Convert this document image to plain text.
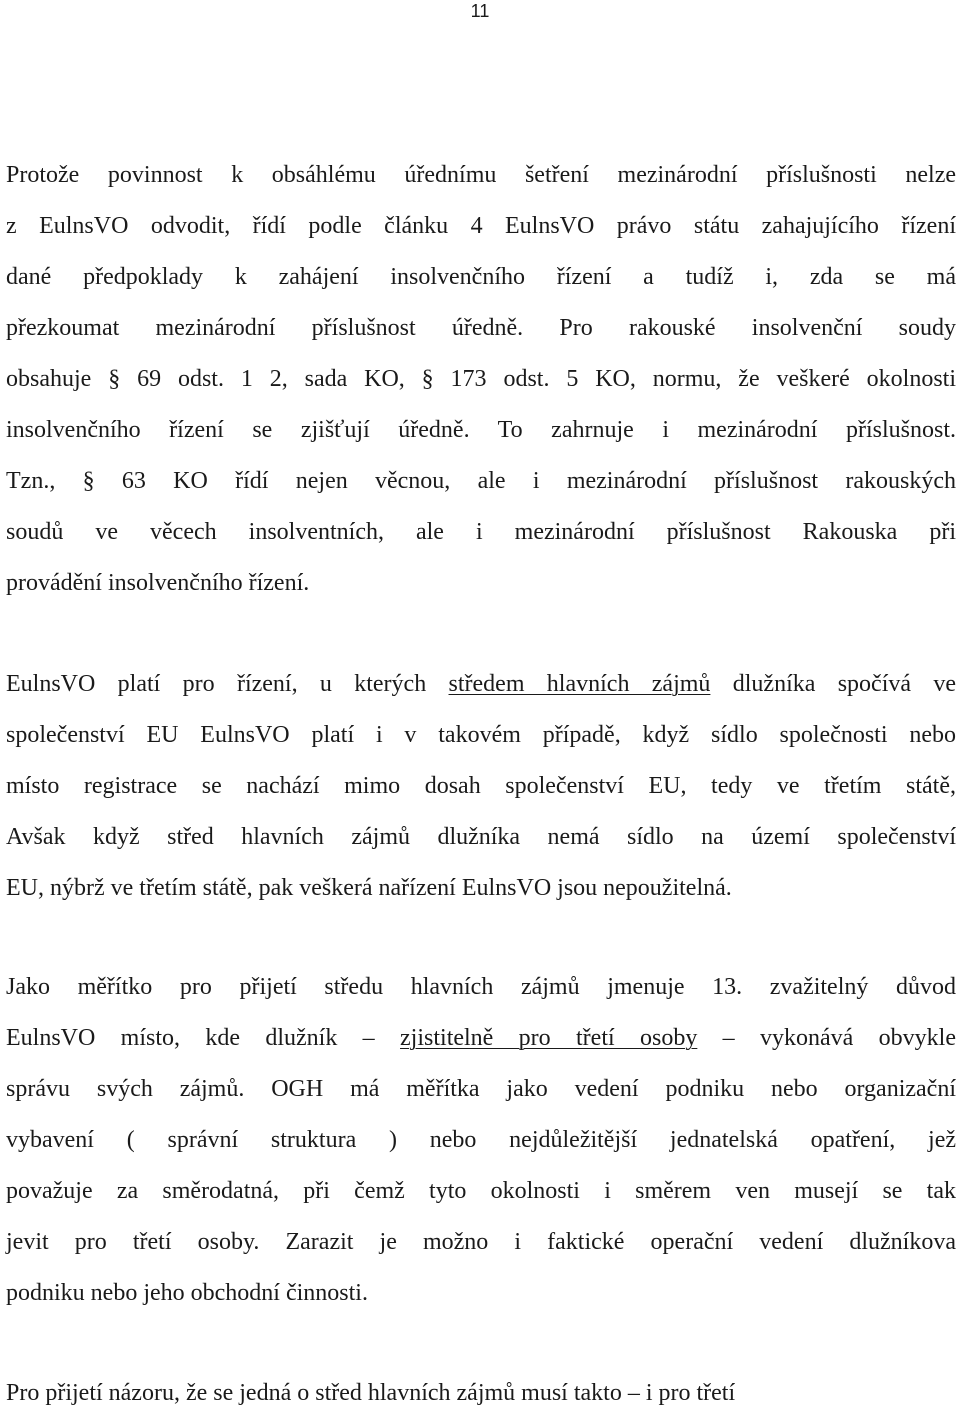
11
Protože povinnost k obsáhlému úřednímu šetření mezinárodní příslušnosti nelze
z EulnsVO odvodit, řídí podle článku 4 EulnsVO právo státu zahajujícího řízení
dané předpoklady k zahájení insolvenčního řízení a tudíž i, zda se má
přezkoumat mezinárodní příslušnost úředně. Pro rakouské insolvenční soudy
obsahuje § 69 odst. 1 2, sada KO, § 173 odst. 5 KO, normu, že veškeré okolnosti
insolvenčního řízení se zjišťují úředně. To zahrnuje i mezinárodní příslušnost.
Tzn., § 63 KO řídí nejen věcnou, ale i mezinárodní příslušnost rakouských
soudů ve věcech insolventních, ale i mezinárodní příslušnost Rakouska při
provádění insolvenčního řízení.
EulnsVO platí pro řízení, u kterých středem hlavních zájmů dlužníka spočívá ve
společenství EU EulnsVO platí i v takovém případě, když sídlo společnosti nebo
místo registrace se nachází mimo dosah společenství EU, tedy ve třetím státě,
Avšak když střed hlavních zájmů dlužníka nemá sídlo na území společenství
EU, nýbrž ve třetím státě, pak veškerá nařízení EulnsVO jsou nepoužitelná.
Jako měřítko pro přijetí středu hlavních zájmů jmenuje 13. zvažitelný důvod
EulnsVO místo, kde dlužník – zjistitelně pro třetí osoby – vykonává obvykle
správu svých zájmů. OGH má měřítka jako vedení podniku nebo organizační
vybavení ( správní struktura ) nebo nejdůležitější jednatelská opatření, jež
považuje za směrodatná, při čemž tyto okolnosti i směrem ven musejí se tak
jevit pro třetí osoby. Zarazit je možno i faktické operační vedení dlužníkova
podniku nebo jeho obchodní činnosti.
Pro přijetí názoru, že se jedná o střed hlavních zájmů musí takto – i pro třetí
